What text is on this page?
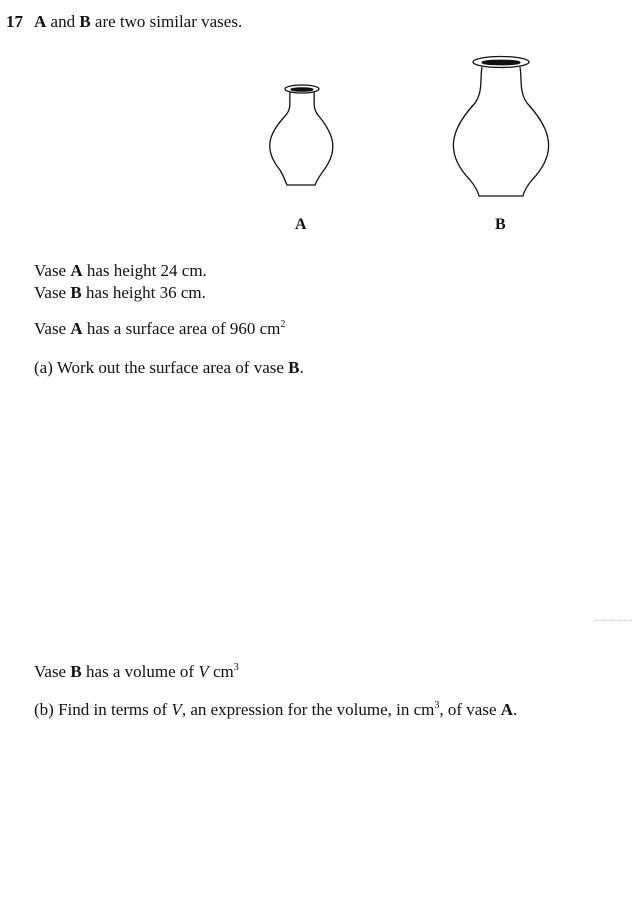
17 A and B are two similar vases.
A	B
Vase A has height 24 cm.
Vase B has height 36 cm.
Vase A has a surface area of 960 $cm^2$
(a) Work out the surface area of vase B.
......................
Vase B has a volume of V $cm^3$
(b) Find in terms of V, an expression for the volume, in $cm^3$, of vase A.
